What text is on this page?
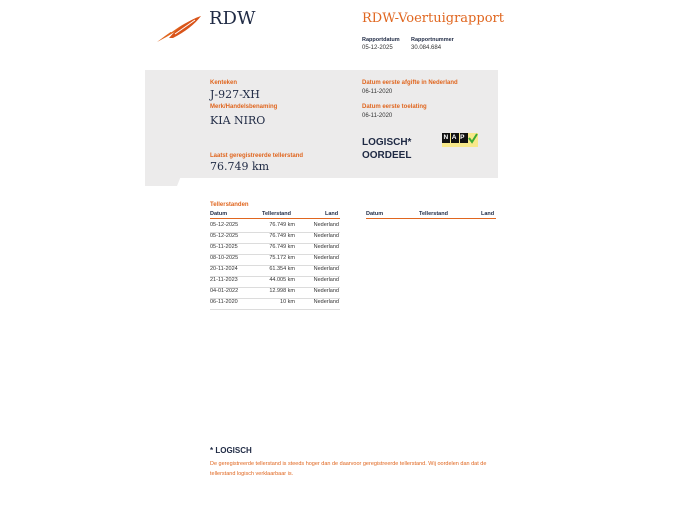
RDW	RDW-Voertuigrapport
Rapportdatum
05-12-2025
Rapportnummer
30.084.684
Kenteken
J-927-XH
Merk/Handelsbenaming
KIA NIRO
Laatst geregistreerde tellerstand
76.749 km
Datum eerste afgifte in Nederland
06-11-2020
Datum eerste toelating
06-11-2020
LOGISCH*
OORDEEL
NAP
Tellerstanden
Datum	Tellerstand	Land	Datum	Tellerstand	Land
05-12-2025	76.749 km	Nederland
05-12-2025	76.749 km	Nederland
05-11-2025	76.749 km	Nederland
08-10-2025	75.172 km	Nederland
20-11-2024	61.354 km	Nederland
21-11-2023	44.005 km	Nederland
04-01-2022	12.998 km	Nederland
06-11-2020	10 km	Nederland
* LOGISCH
De geregistreerde tellerstand is steeds hoger dan de daarvoor geregistreerde tellerstand. Wij oordelen dan dat de tellerstand logisch verklaarbaar is.
